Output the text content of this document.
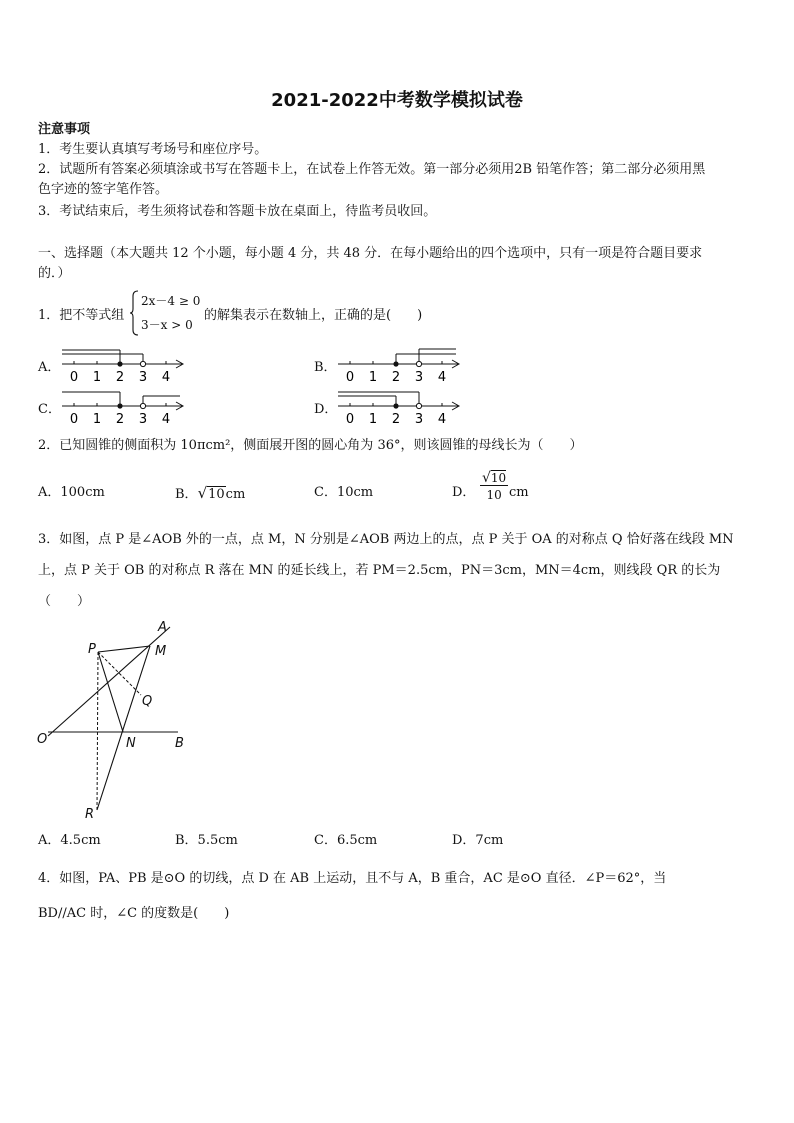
2021-2022中考数学模拟试卷
注意事项
1．考生要认真填写考场号和座位序号。
2．试题所有答案必须填涂或书写在答题卡上，在试卷上作答无效。第一部分必须用2B 铅笔作答；第二部分必须用黑
色字迹的签字笔作答。
3．考试结束后，考生须将试卷和答题卡放在桌面上，待监考员收回。
一、选择题（本大题共 12 个小题，每小题 4 分，共 48 分．在每小题给出的四个选项中，只有一项是符合题目要求
的．）
1．把不等式组
2x－4 ≥ 0
3－x > 0
的解集表示在数轴上，正确的是(　　)
A．	B．
C．	D．
0 1 2 3 4	0 1 2 3 4
0 1 2 3 4	0 1 2 3 4
2．已知圆锥的侧面积为 10πcm²，侧面展开图的圆心角为 36°，则该圆锥的母线长为（　　）
A．100cm	B．√10cm	C．10cm	D． $\frac{√10}{10}$ cm
3．如图，点 P 是∠AOB 外的一点，点 M，N 分别是∠AOB 两边上的点，点 P 关于 OA 的对称点 Q 恰好落在线段 MN
上，点 P 关于 OB 的对称点 R 落在 MN 的延长线上，若 PM＝2.5cm，PN＝3cm，MN＝4cm，则线段 QR 的长为
（　　）
A
P	M
Q
O	N	B
R
A．4.5cm	B．5.5cm	C．6.5cm	D．7cm
4．如图，PA、PB 是⊙O 的切线，点 D 在 AB 上运动，且不与 A，B 重合，AC 是⊙O 直径．∠P＝62°，当
BD//AC 时，∠C 的度数是(　　)
